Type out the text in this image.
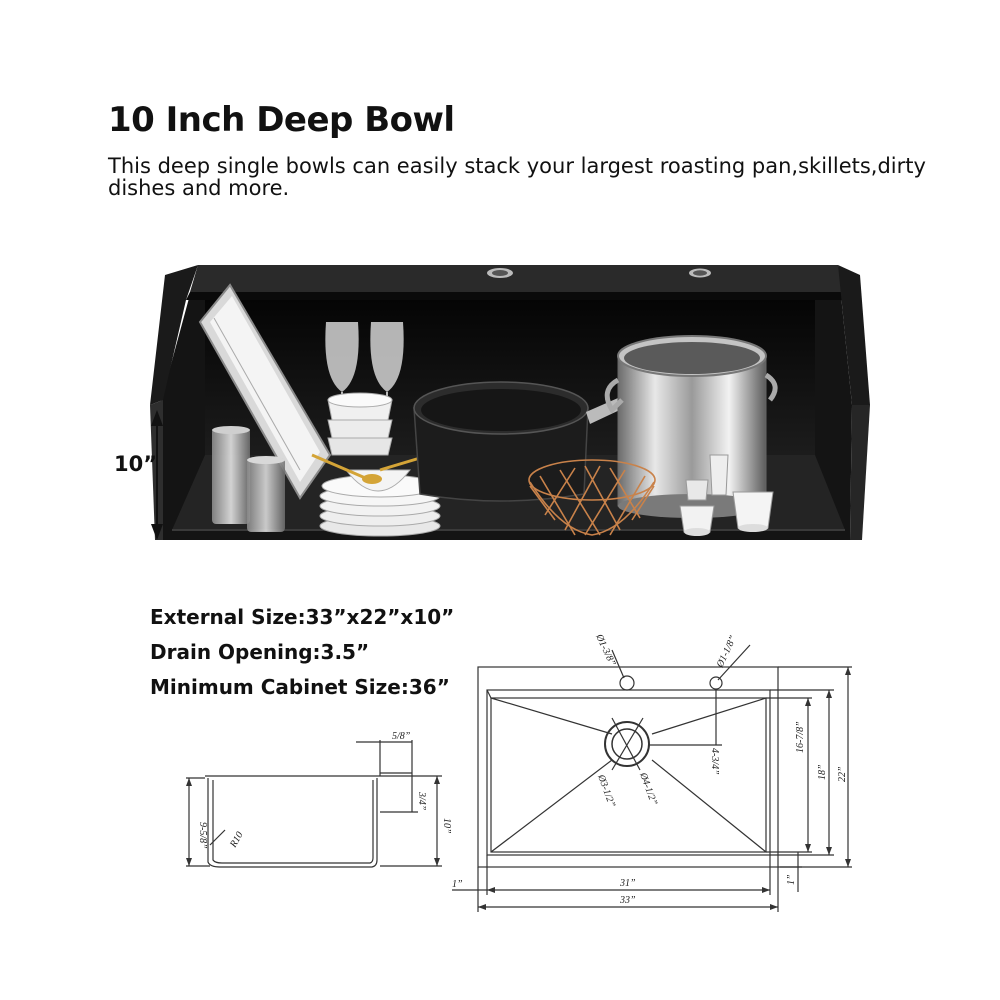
10 Inch Deep Bowl

This deep single bowls can easily stack your largest roasting pan,skillets,dirty dishes and more.

5/8”
9-5/8” R10
3/4”
10”
Ø1-3/8”	Ø1-1/8”
Ø3-1/2” Ø4-1/2”
4-3/4”
16-7/8”
18” 22”
1”	1”
31”
33”
10”
External Size:33”x22”x10”
Drain Opening:3.5”
Minimum Cabinet Size:36”
